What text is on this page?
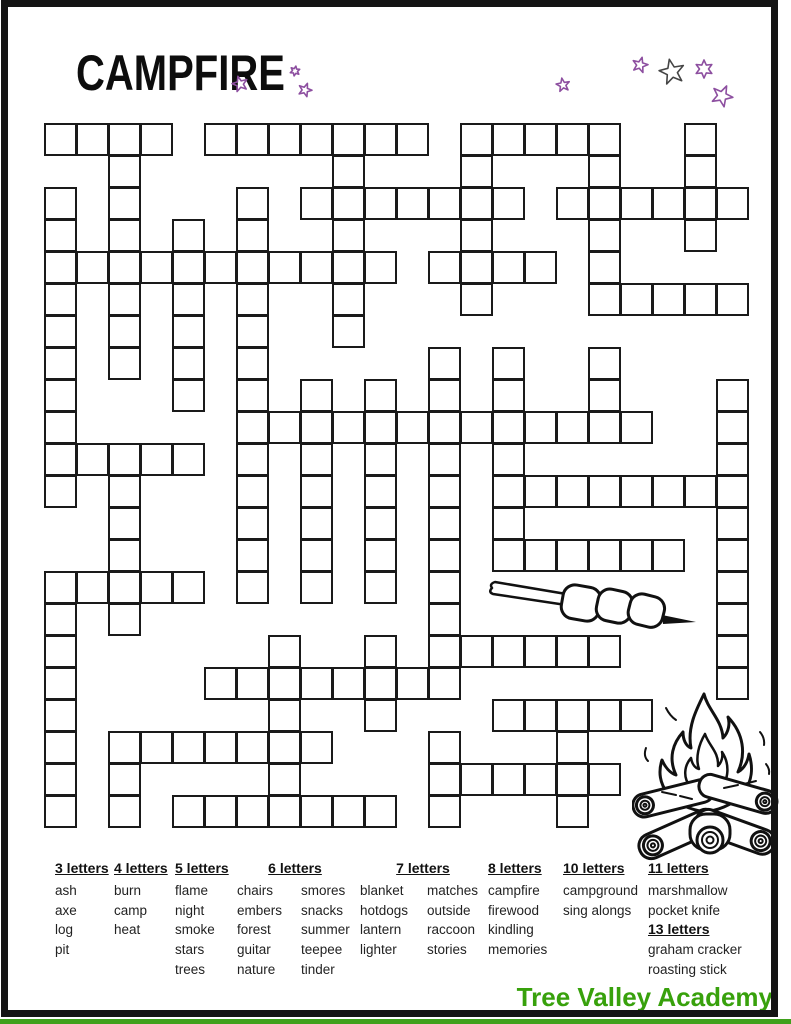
CAMPFIRE
3 letters
ash
axe
log
pit
4 letters
burn
camp
heat
5 letters
flame
night
smoke
stars
trees
6 letters
chairs
embers
forest
guitar
nature
smores
snacks
summer
teepee
tinder
7 letters
blanket
hotdogs
lantern
lighter
matches
outside
raccoon
stories
8 letters
campfire
firewood
kindling
memories
10 letters
campground
sing alongs
11 letters
marshmallow
pocket knife
13 letters
graham cracker
roasting stick
Tree Valley Academy
